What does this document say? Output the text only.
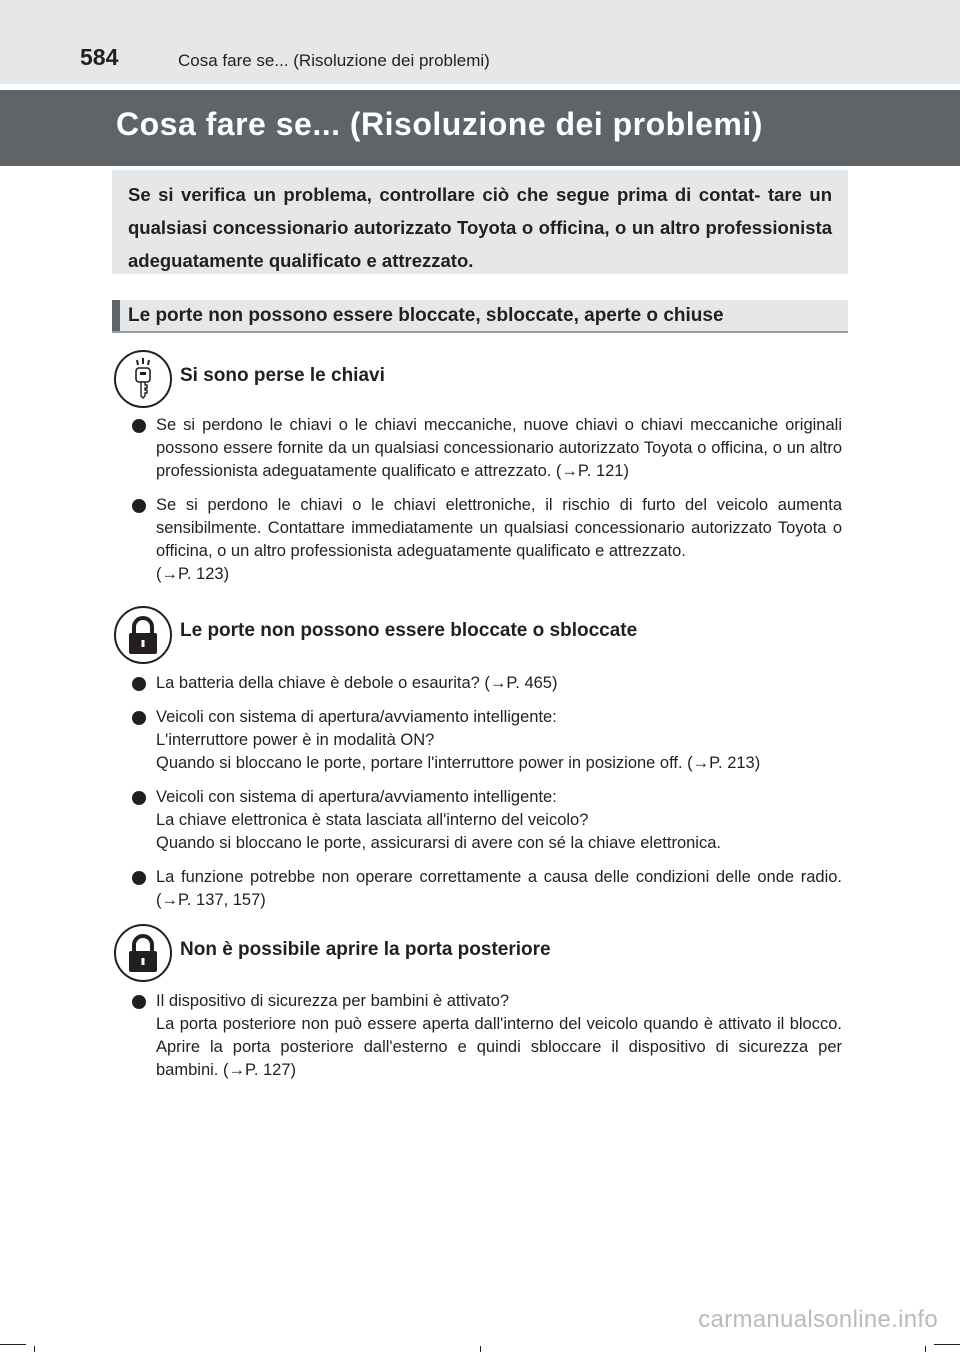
584	Cosa fare se... (Risoluzione dei problemi)
Cosa fare se... (Risoluzione dei problemi)
Se si verifica un problema, controllare ciò che segue prima di contat- tare un qualsiasi concessionario autorizzato Toyota o officina, o un altro professionista adeguatamente qualificato e attrezzato.
Le porte non possono essere bloccate, sbloccate, aperte o chiuse
Si sono perse le chiavi
Se si perdono le chiavi o le chiavi meccaniche, nuove chiavi o chiavi meccaniche originali possono essere fornite da un qualsiasi concessionario autorizzato Toyota o officina, o un altro professionista adeguatamente qualificato e attrezzato. (→P. 121)
Se si perdono le chiavi o le chiavi elettroniche, il rischio di furto del veicolo aumenta sensibilmente. Contattare immediatamente un qualsiasi concessionario autorizzato Toyota o officina, o un altro professionista adeguatamente qualificato e attrezzato.
(→P. 123)
Le porte non possono essere bloccate o sbloccate
La batteria della chiave è debole o esaurita? (→P. 465)
Veicoli con sistema di apertura/avviamento intelligente:
L'interruttore power è in modalità ON?
Quando si bloccano le porte, portare l'interruttore power in posizione off. (→P. 213)
Veicoli con sistema di apertura/avviamento intelligente:
La chiave elettronica è stata lasciata all'interno del veicolo?
Quando si bloccano le porte, assicurarsi di avere con sé la chiave elettronica.
La funzione potrebbe non operare correttamente a causa delle condizioni delle onde radio. (→P. 137, 157)
Non è possibile aprire la porta posteriore
Il dispositivo di sicurezza per bambini è attivato?
La porta posteriore non può essere aperta dall'interno del veicolo quando è attivato il blocco. Aprire la porta posteriore dall'esterno e quindi sbloccare il dispositivo di sicurezza per bambini. (→P. 127)
carmanualsonline.info
